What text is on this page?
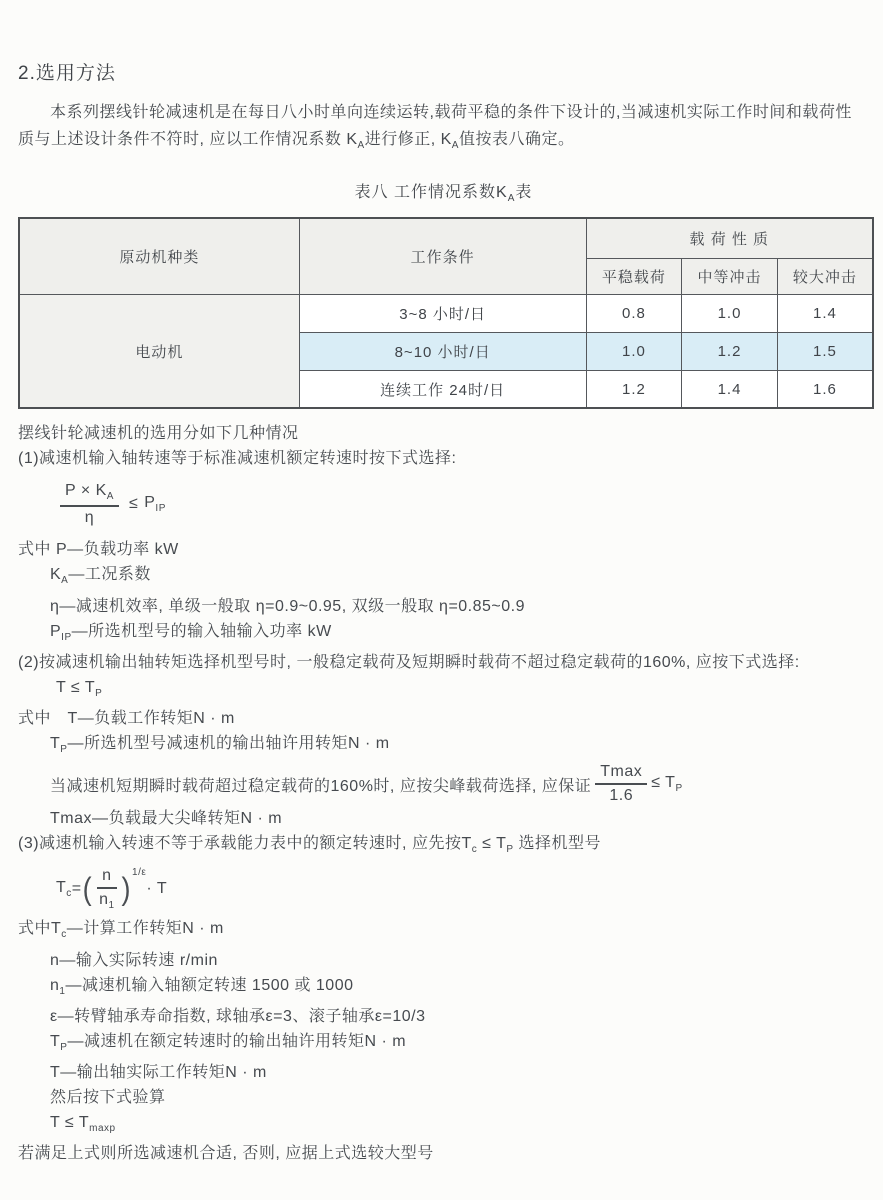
2.选用方法

本系列摆线针轮减速机是在每日八小时单向连续运转,载荷平稳的条件下设计的,当减速机实际工作时间和载荷性质与上述设计条件不符时, 应以工作情况系数 $K_A$进行修正, $K_A$值按表八确定。

表八 工作情况系数$K_A$表
原动机种类	工作条件	载 荷 性 质		
		平稳载荷	中等冲击	较大冲击
电动机	3~8 小时/日	0.8	1.0	1.4
	8~10 小时/日	1.0	1.2	1.5
	连续工作 24时/日	1.2	1.4	1.6
摆线针轮减速机的选用分如下几种情况
(1)减速机输入轴转速等于标准减速机额定转速时按下式选择:
$\frac{P \times K_A}{\eta} \le P_{IP}$
式中 P—负载功率 kW
$K_A—$工况系数
η—减速机效率, 单级一般取 η=0.9~0.95, 双级一般取 η=0.85~0.9
$P_{IP}—$所选机型号的输入轴输入功率 kW
(2)按减速机输出轴转矩选择机型号时, 一般稳定载荷及短期瞬时载荷不超过稳定载荷的160%, 应按下式选择:
$T \le T_P$
式中　T—负载工作转矩N · m
$T_P—$所选机型号减速机的输出轴许用转矩N · m
当减速机短期瞬时载荷超过稳定载荷的160%时, 应按尖峰载荷选择, 应保证 $\frac{Tmax}{1.6} \le T_P$
Tmax—负载最大尖峰转矩N · m
(3)减速机输入转速不等于承载能力表中的额定转速时, 应先按$T_c \le T_P$ 选择机型号
$T_c$ = ( $\frac{n}{n_1} )^{1/\varepsilon}$
· T
式中$T_c—$计算工作转矩N · m
n—输入实际转速 r/min
$n_1—$减速机输入轴额定转速 1500 或 1000
ε—转臂轴承寿命指数, 球轴承ε=3、滚子轴承ε=10/3
$T_P—$减速机在额定转速时的输出轴许用转矩N · m
T—输出轴实际工作转矩N · m
然后按下式验算
$T \le T_{maxp}$
若满足上式则所选减速机合适, 否则, 应据上式选较大型号
